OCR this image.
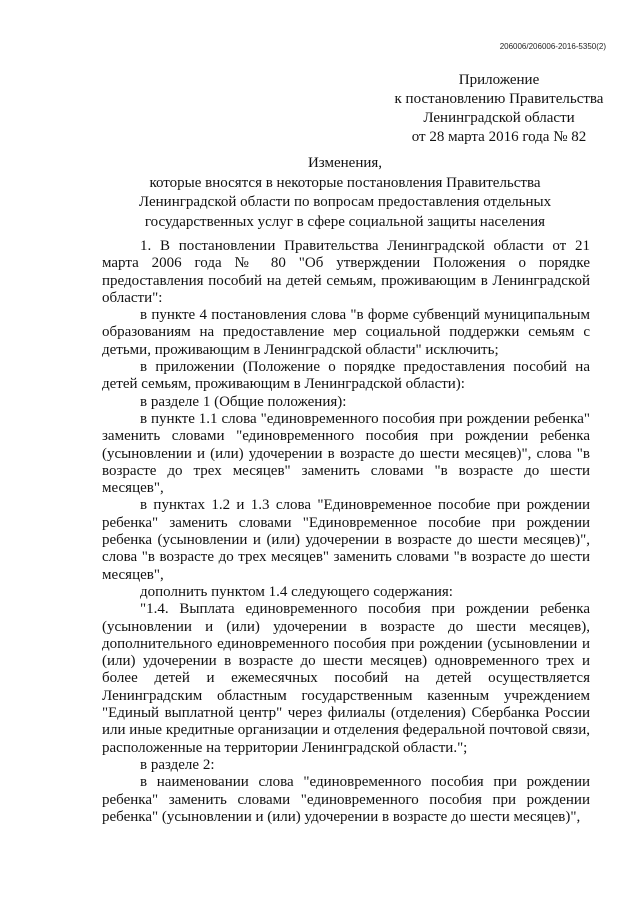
206006/206006-2016-5350(2)
Приложение
к постановлению Правительства
Ленинградской области
от 28 марта 2016 года № 82
Изменения,
которые вносятся в некоторые постановления Правительства
Ленинградской области по вопросам предоставления отдельных
государственных услуг в сфере социальной защиты населения

1. В постановлении Правительства Ленинградской области от 21 марта 2006 года № 80 "Об утверждении Положения о порядке предоставления пособий на детей семьям, проживающим в Ленинградской области":

в пункте 4 постановления слова "в форме субвенций муниципальным образованиям на предоставление мер социальной поддержки семьям с детьми, проживающим в Ленинградской области" исключить;

в приложении (Положение о порядке предоставления пособий на детей семьям, проживающим в Ленинградской области):

в разделе 1 (Общие положения):

в пункте 1.1 слова "единовременного пособия при рождении ребенка" заменить словами "единовременного пособия при рождении ребенка (усыновлении и (или) удочерении в возрасте до шести месяцев)", слова "в возрасте до трех месяцев" заменить словами "в возрасте до шести месяцев",

в пунктах 1.2 и 1.3 слова "Единовременное пособие при рождении ребенка" заменить словами "Единовременное пособие при рождении ребенка (усыновлении и (или) удочерении в возрасте до шести месяцев)", слова "в возрасте до трех месяцев" заменить словами "в возрасте до шести месяцев",

дополнить пунктом 1.4 следующего содержания:

"1.4. Выплата единовременного пособия при рождении ребенка (усыновлении и (или) удочерении в возрасте до шести месяцев), дополнительного единовременного пособия при рождении (усыновлении и (или) удочерении в возрасте до шести месяцев) одновременного трех и более детей и ежемесячных пособий на детей осуществляется Ленинградским областным государственным казенным учреждением "Единый выплатной центр" через филиалы (отделения) Сбербанка России или иные кредитные организации и отделения федеральной почтовой связи, расположенные на территории Ленинградской области.";

в разделе 2:

в наименовании слова "единовременного пособия при рождении ребенка" заменить словами "единовременного пособия при рождении ребенка" (усыновлении и (или) удочерении в возрасте до шести месяцев)",
